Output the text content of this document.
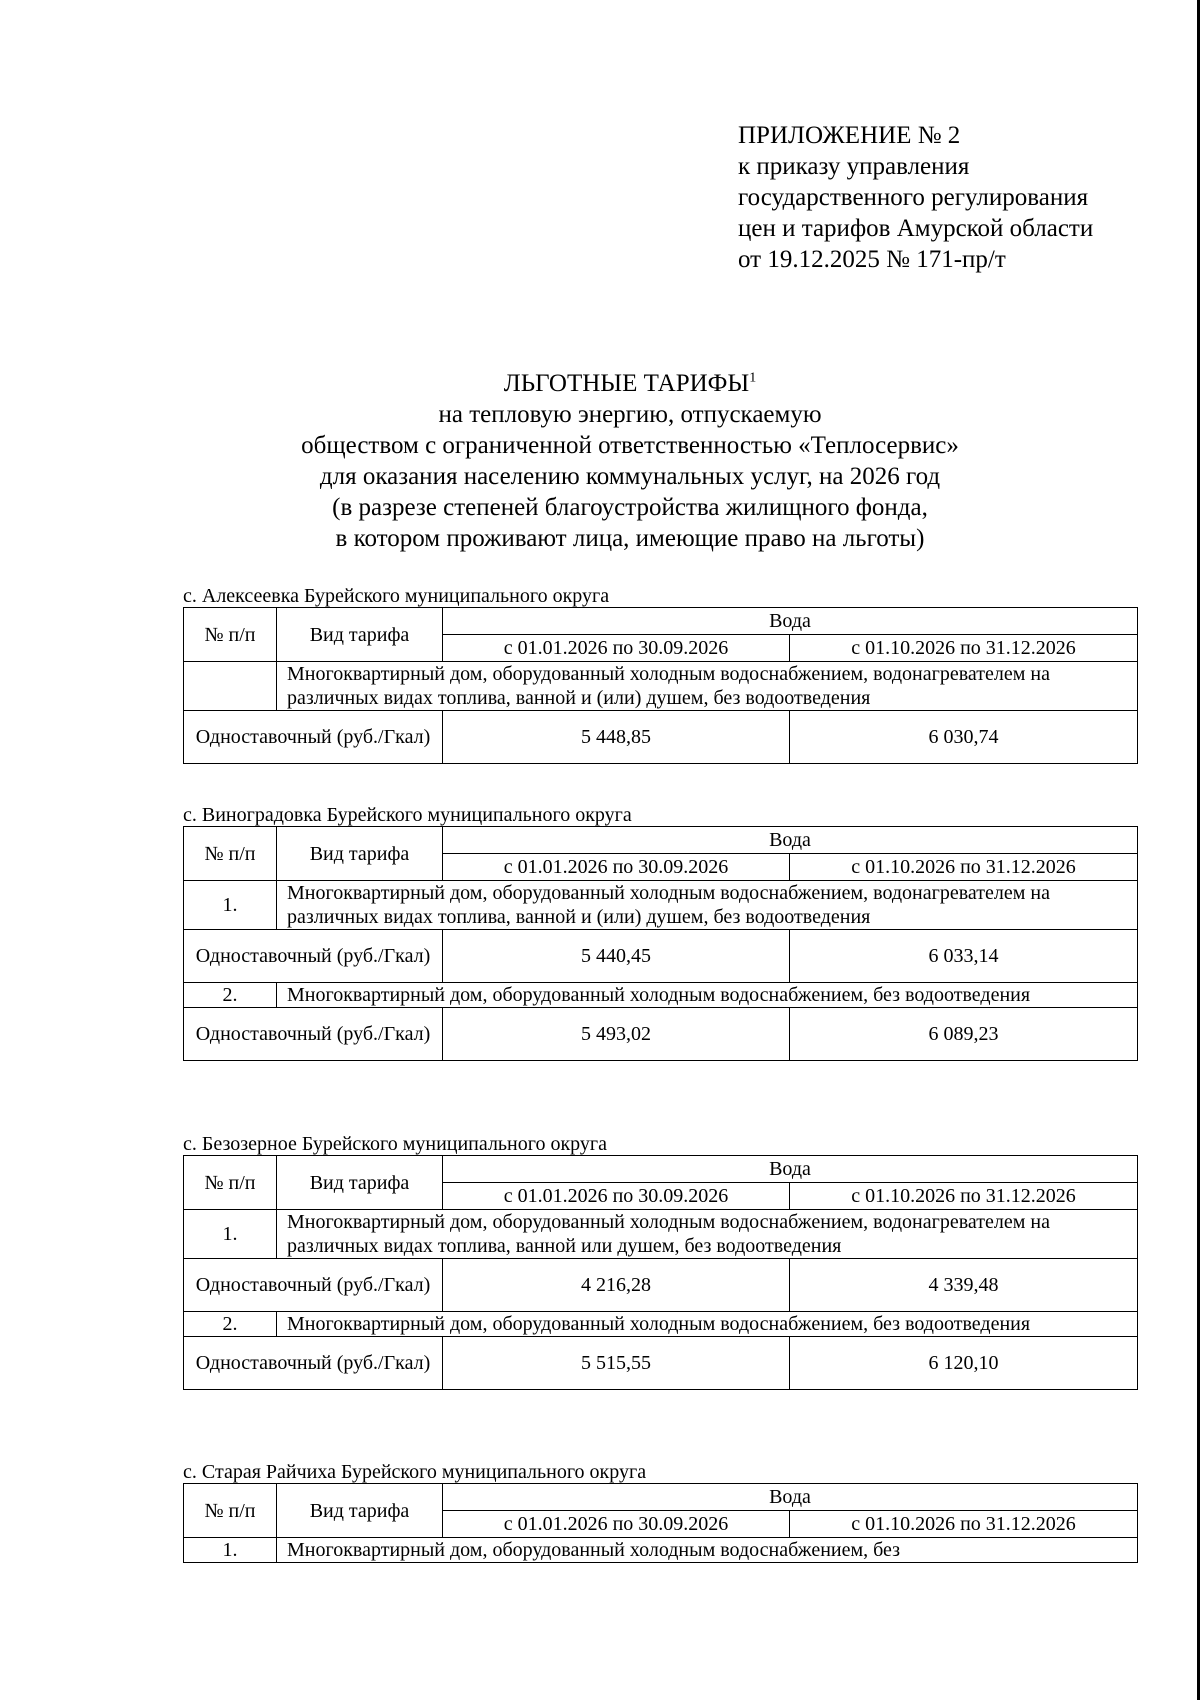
ПРИЛОЖЕНИЕ № 2
к приказу управления
государственного регулирования
цен и тарифов Амурской области
от 19.12.2025 № 171-пр/т
ЛЬГОТНЫЕ ТАРИФЫ$^1$
на тепловую энергию, отпускаемую
обществом с ограниченной ответственностью «Теплосервис»
для оказания населению коммунальных услуг, на 2026 год
(в разрезе степеней благоустройства жилищного фонда,
в котором проживают лица, имеющие право на льготы)
с. Алексеевка Бурейского муниципального округа
№ п/п	Вид тарифа	Вода	
		с 01.01.2026 по 30.09.2026	с 01.10.2026 по 31.12.2026
	Многоквартирный дом, оборудованный холодным водоснабжением, водонагревателем на различных видах топлива, ванной и (или) душем, без водоотведения		
Одноставочный (руб./Гкал)		5 448,85	6 030,74
с. Виноградовка Бурейского муниципального округа
№ п/п	Вид тарифа	Вода	
		с 01.01.2026 по 30.09.2026	с 01.10.2026 по 31.12.2026
1.	Многоквартирный дом, оборудованный холодным водоснабжением, водонагревателем на различных видах топлива, ванной и (или) душем, без водоотведения		
Одноставочный (руб./Гкал)		5 440,45	6 033,14
2.	Многоквартирный дом, оборудованный холодным водоснабжением, без водоотведения		
Одноставочный (руб./Гкал)		5 493,02	6 089,23
с. Безозерное Бурейского муниципального округа
№ п/п	Вид тарифа	Вода	
		с 01.01.2026 по 30.09.2026	с 01.10.2026 по 31.12.2026
1.	Многоквартирный дом, оборудованный холодным водоснабжением, водонагревателем на различных видах топлива, ванной или душем, без водоотведения		
Одноставочный (руб./Гкал)		4 216,28	4 339,48
2.	Многоквартирный дом, оборудованный холодным водоснабжением, без водоотведения		
Одноставочный (руб./Гкал)		5 515,55	6 120,10
с. Старая Райчиха Бурейского муниципального округа
№ п/п	Вид тарифа	Вода	
		с 01.01.2026 по 30.09.2026	с 01.10.2026 по 31.12.2026
1.	Многоквартирный дом, оборудованный холодным водоснабжением, без		
